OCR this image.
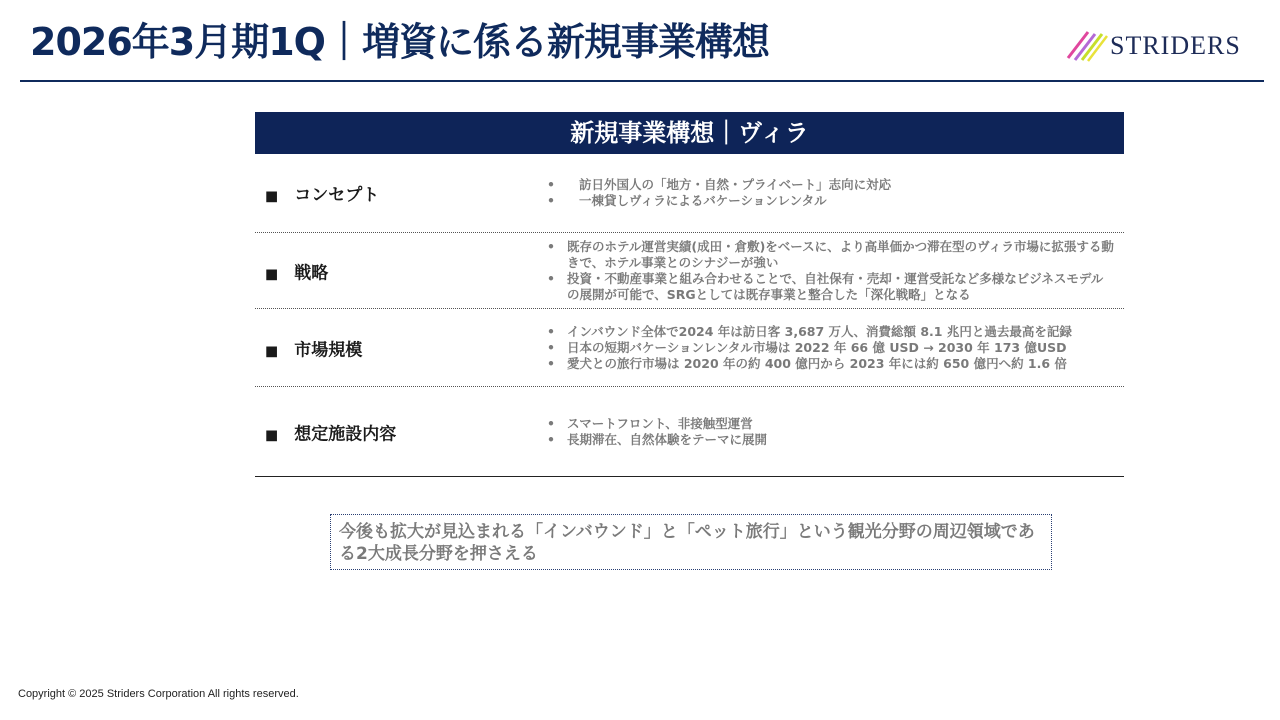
2026年3月期1Q｜増資に係る新規事業構想	STRIDERS
新規事業構想｜ヴィラ
■ コンセプト
• 訪日外国人の「地方・自然・プライベート」志向に対応
• 一棟貸しヴィラによるバケーションレンタル
■ 戦略
• 既存のホテル運営実績(成田・倉敷)をベースに、より高単価かつ滞在型のヴィラ市場に拡張する動きで、ホテル事業とのシナジーが強い
• 投資・不動産事業と組み合わせることで、自社保有・売却・運営受託など多様なビジネスモデルの展開が可能で、SRGとしては既存事業と整合した「深化戦略」となる
■ 市場規模
• インバウンド全体で2024 年は訪日客 3,687 万人、消費総額 8.1 兆円と過去最高を記録
• 日本の短期バケーションレンタル市場は 2022 年 66 億 USD → 2030 年 173 億USD
• 愛犬との旅行市場は 2020 年の約 400 億円から 2023 年には約 650 億円へ約 1.6 倍
■ 想定施設内容
• スマートフロント、非接触型運営
• 長期滞在、自然体験をテーマに展開
今後も拡大が見込まれる「インバウンド」と「ペット旅行」という観光分野の周辺領域である2大成長分野を押さえる
Copyright © 2025 Striders Corporation All rights reserved.
